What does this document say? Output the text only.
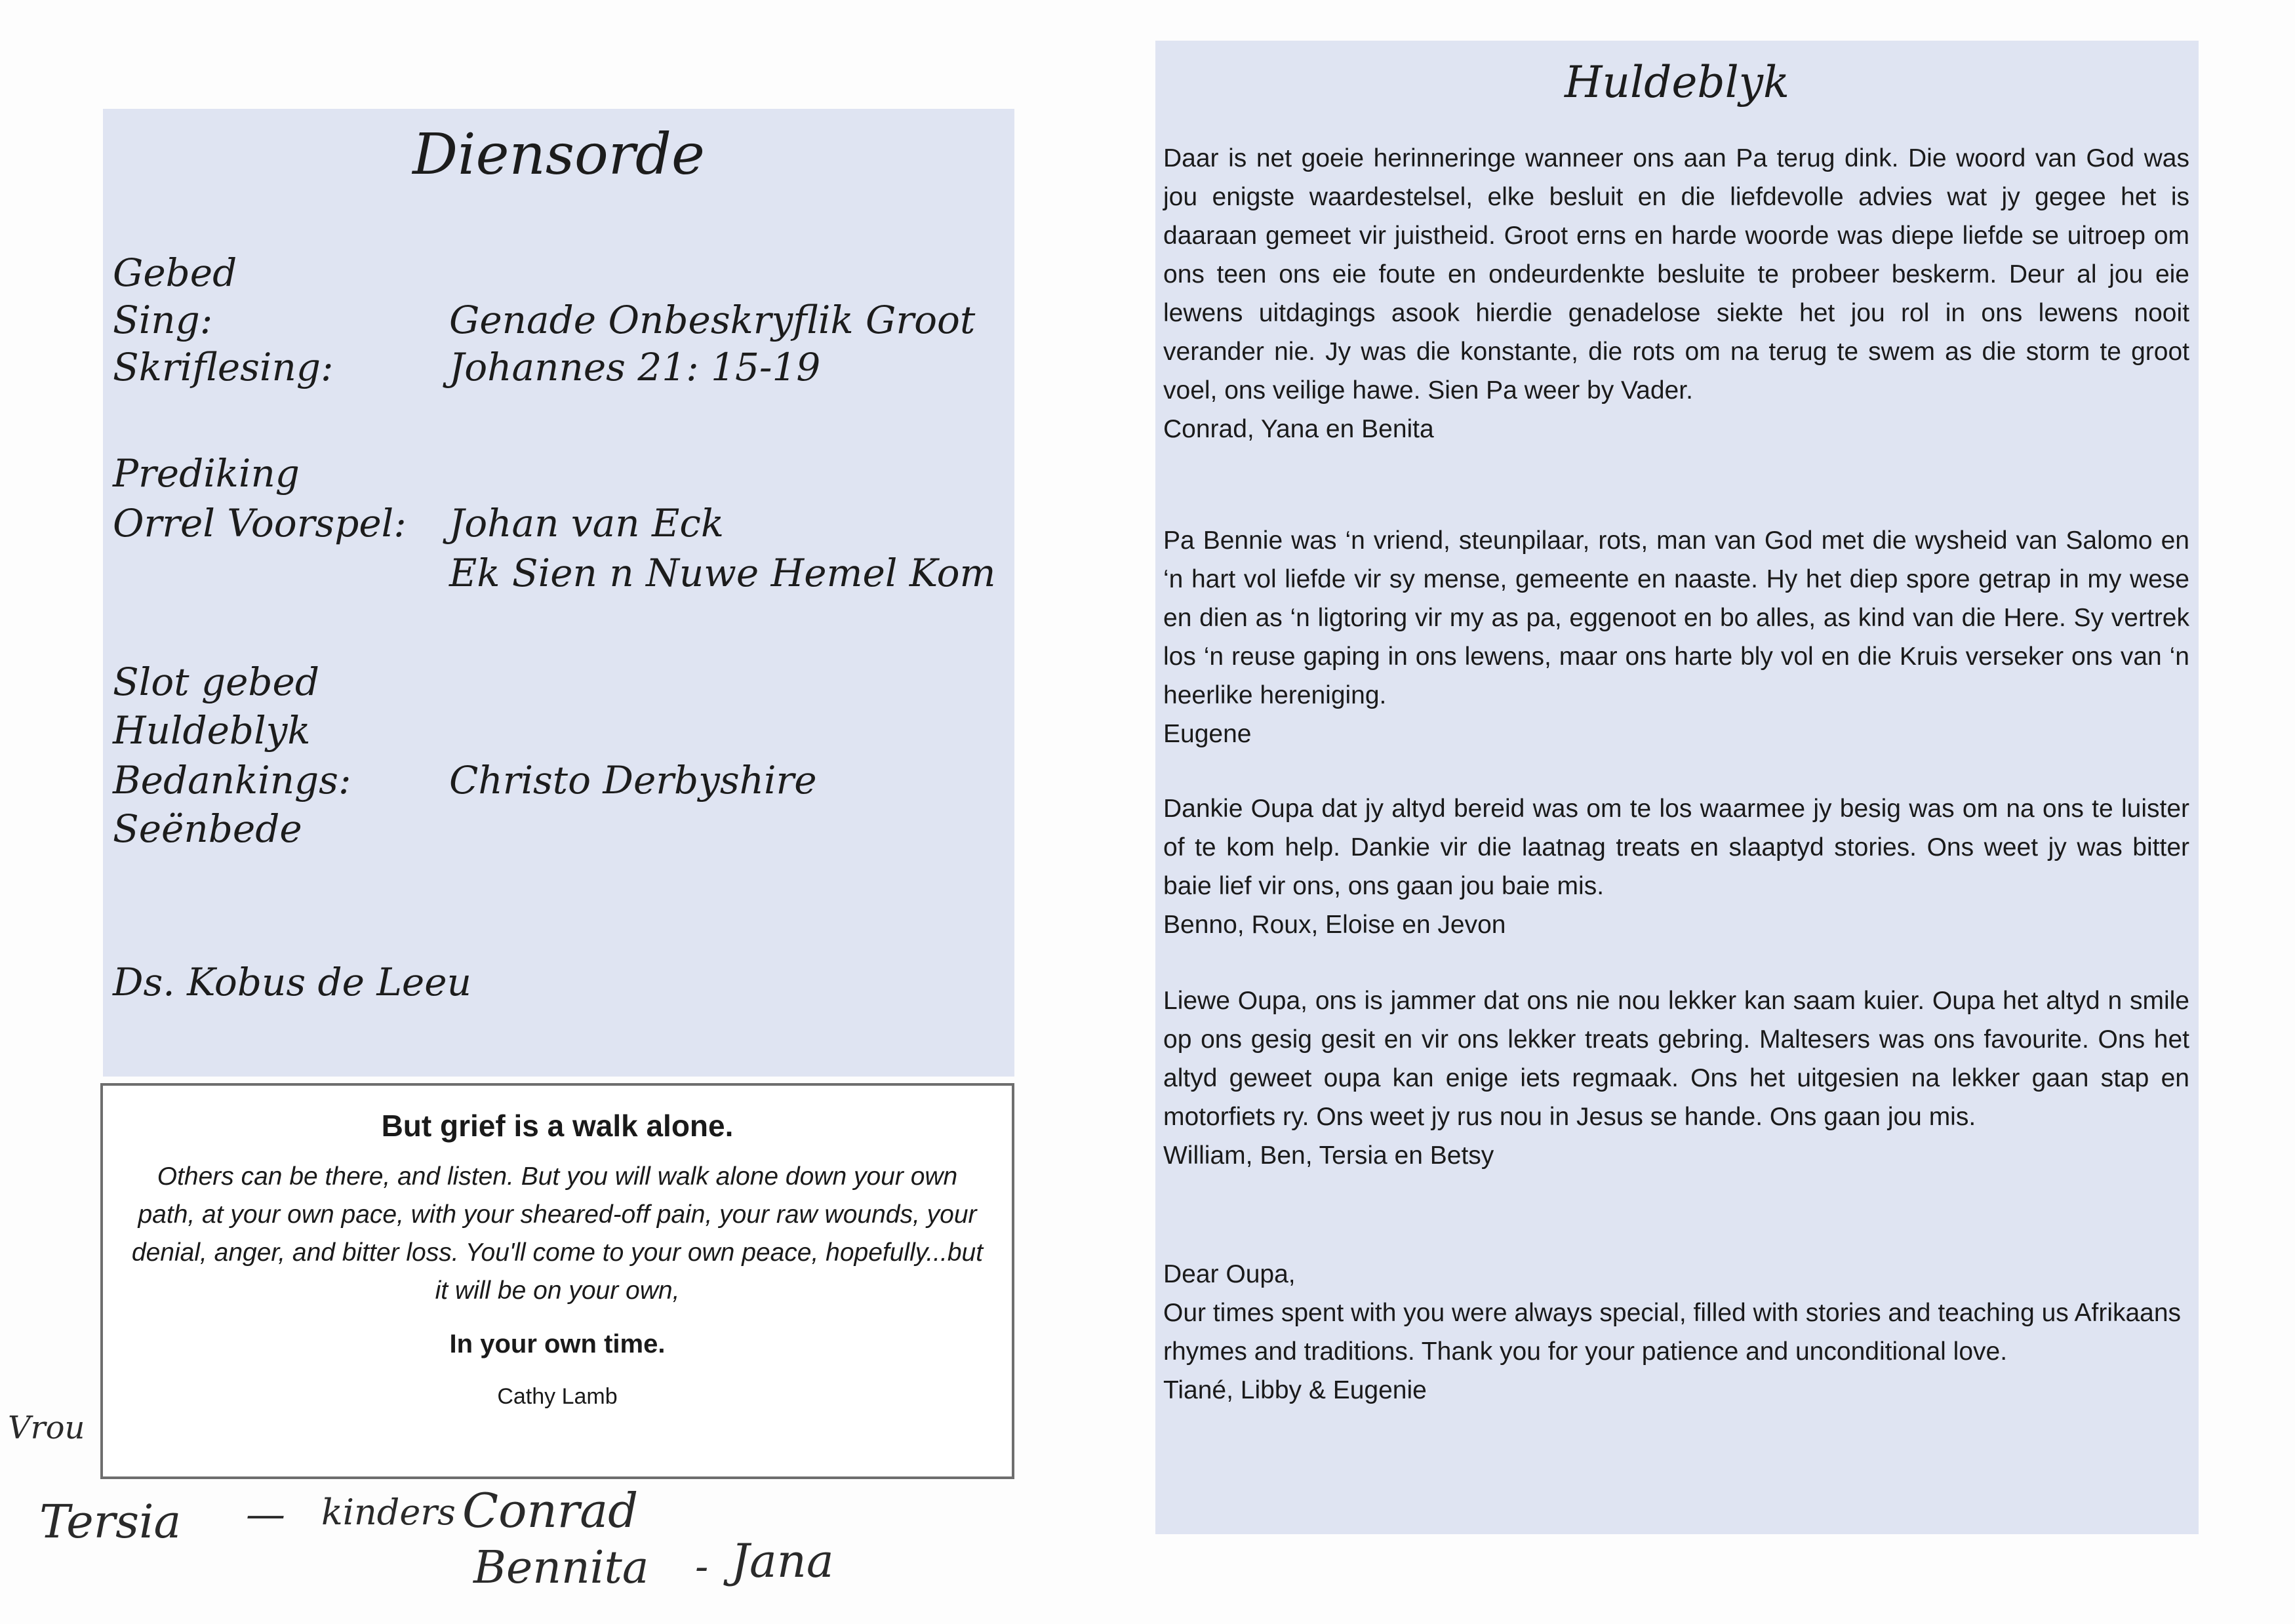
Diensorde
Gebed
Sing:	Genade Onbeskryflik Groot
Skriflesing:	Johannes 21: 15-19
Prediking
Orrel Voorspel: Johan van Eck
Ek Sien n Nuwe Hemel Kom
Slot gebed
Huldeblyk
Bedankings:	Christo Derbyshire
Seënbede
Ds. Kobus de Leeu
But grief is a walk alone.
Others can be there, and listen. But you will walk alone down your own path, at your own pace, with your sheared-off pain, your raw wounds, your denial, anger, and bitter loss. You'll come to your own peace, hopefully...but it will be on your own,
In your own time.
Cathy Lamb
Huldeblyk

Daar is net goeie herinneringe wanneer ons aan Pa terug dink. Die woord van God was jou enigste waardestelsel, elke besluit en die liefdevolle advies wat jy gegee het is daaraan gemeet vir juistheid. Groot erns en harde woorde was diepe liefde se uitroep om ons teen ons eie foute en ondeurdenkte besluite te probeer beskerm. Deur al jou eie lewens uitdagings asook hierdie genadelose siekte het jou rol in ons lewens nooit verander nie. Jy was die konstante, die rots om na terug te swem as die storm te groot voel, ons veilige hawe. Sien Pa weer by Vader.

Conrad, Yana en Benita

Pa Bennie was ‘n vriend, steunpilaar, rots, man van God met die wysheid van Salomo en ‘n hart vol liefde vir sy mense, gemeente en naaste. Hy het diep spore getrap in my wese en dien as ‘n ligtoring vir my as pa, eggenoot en bo alles, as kind van die Here. Sy vertrek los ‘n reuse gaping in ons lewens, maar ons harte bly vol en die Kruis verseker ons van ‘n heerlike hereniging.

Eugene

Dankie Oupa dat jy altyd bereid was om te los waarmee jy besig was om na ons te luister of te kom help. Dankie vir die laatnag treats en slaaptyd stories. Ons weet jy was bitter baie lief vir ons, ons gaan jou baie mis.

Benno, Roux, Eloise en Jevon

Liewe Oupa, ons is jammer dat ons nie nou lekker kan saam kuier. Oupa het altyd n smile op ons gesig gesit en vir ons lekker treats gebring. Maltesers was ons favourite. Ons het altyd geweet oupa kan enige iets regmaak. Ons het uitgesien na lekker gaan stap en motorfiets ry. Ons weet jy rus nou in Jesus se hande. Ons gaan jou mis.

William, Ben, Tersia en Betsy
Dear Oupa,

Our times spent with you were always special, filled with stories and teaching us Afrikaans rhymes and traditions. Thank you for your patience and unconditional love.

Tiané, Libby & Eugenie
Vrou
Tersia — kinders Conrad
Bennita - Jana
